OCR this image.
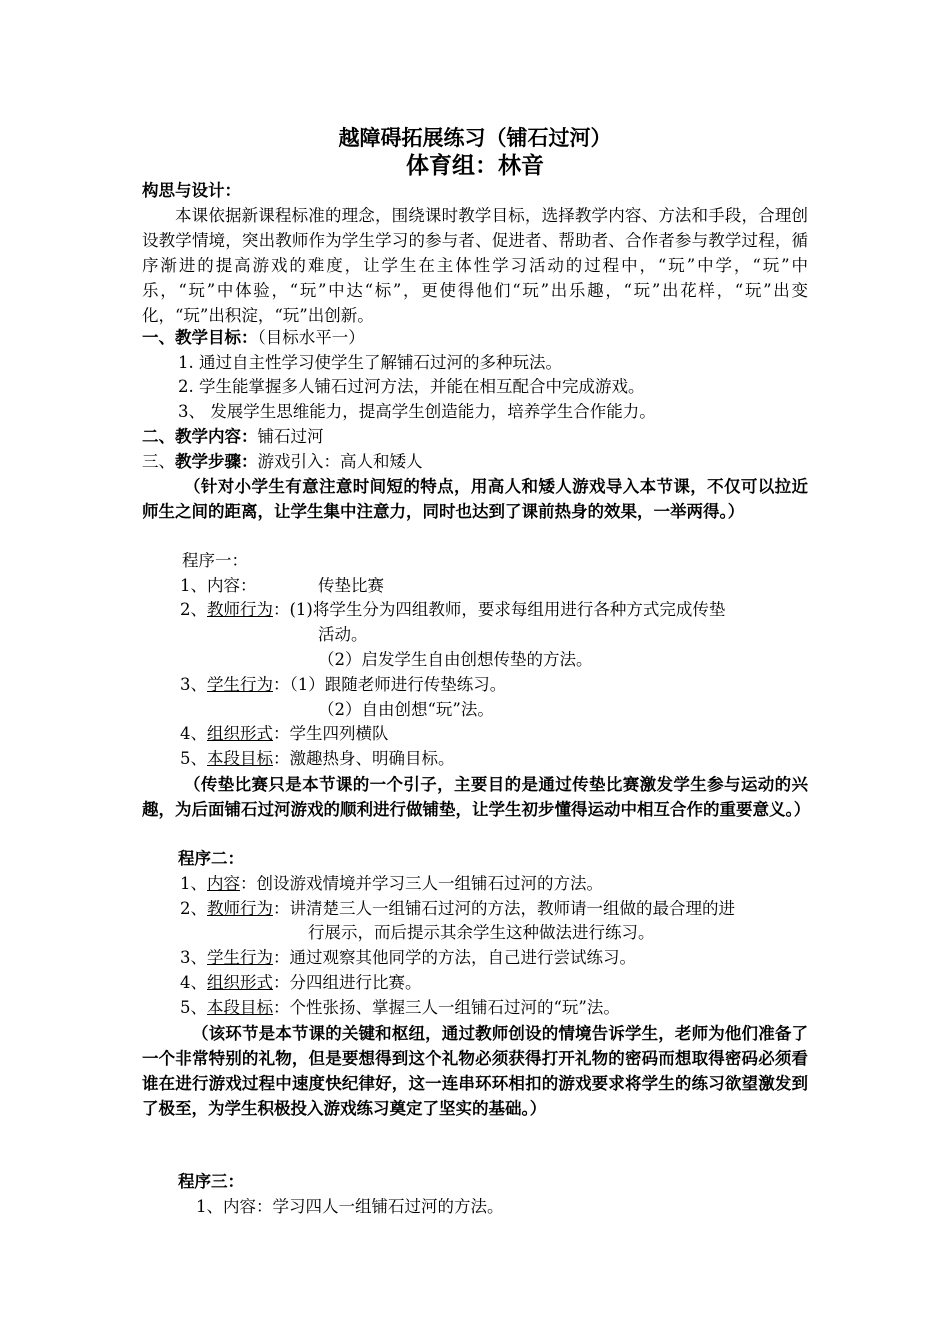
越障碍拓展练习（铺石过河）
体育组：林音
构思与设计：
本课依据新课程标准的理念，围绕课时教学目标，选择教学内容、方法和手段，合理创设教学情境，突出教师作为学生学习的参与者、促进者、帮助者、合作者参与教学过程，循序渐进的提高游戏的难度，让学生在主体性学习活动的过程中，“玩”中学，“玩”中乐，“玩”中体验，“玩”中达“标”，更使得他们“玩”出乐趣，“玩”出花样，“玩”出变化，“玩”出积淀，“玩”出创新。
一、教学目标：（目标水平一）
1. 通过自主性学习使学生了解铺石过河的多种玩法。
2. 学生能掌握多人铺石过河方法，并能在相互配合中完成游戏。
3、 发展学生思维能力，提高学生创造能力，培养学生合作能力。
二、教学内容：铺石过河
三、教学步骤：游戏引入：高人和矮人
（针对小学生有意注意时间短的特点，用高人和矮人游戏导入本节课，不仅可以拉近师生之间的距离，让学生集中注意力，同时也达到了课前热身的效果，一举两得。）
程序一：
1、内容：	传垫比赛
2、教师行为：(1)将学生分为四组教师，要求每组用进行各种方式完成传垫
活动。
（2）启发学生自由创想传垫的方法。
3、学生行为：（1）跟随老师进行传垫练习。
（2）自由创想“玩”法。
4、组织形式：学生四列横队
5、本段目标：激趣热身、明确目标。
（传垫比赛只是本节课的一个引子，主要目的是通过传垫比赛激发学生参与运动的兴趣，为后面铺石过河游戏的顺利进行做铺垫，让学生初步懂得运动中相互合作的重要意义。）
程序二：
1、内容：创设游戏情境并学习三人一组铺石过河的方法。
2、教师行为：讲清楚三人一组铺石过河的方法，教师请一组做的最合理的进
行展示，而后提示其余学生这种做法进行练习。
3、学生行为：通过观察其他同学的方法，自己进行尝试练习。
4、组织形式：分四组进行比赛。
5、本段目标：个性张扬、掌握三人一组铺石过河的“玩”法。
（该环节是本节课的关键和枢纽，通过教师创设的情境告诉学生，老师为他们准备了一个非常特别的礼物，但是要想得到这个礼物必须获得打开礼物的密码而想取得密码必须看谁在进行游戏过程中速度快纪律好，这一连串环环相扣的游戏要求将学生的练习欲望激发到了极至，为学生积极投入游戏练习奠定了坚实的基础。）
程序三：
1、内容：学习四人一组铺石过河的方法。
